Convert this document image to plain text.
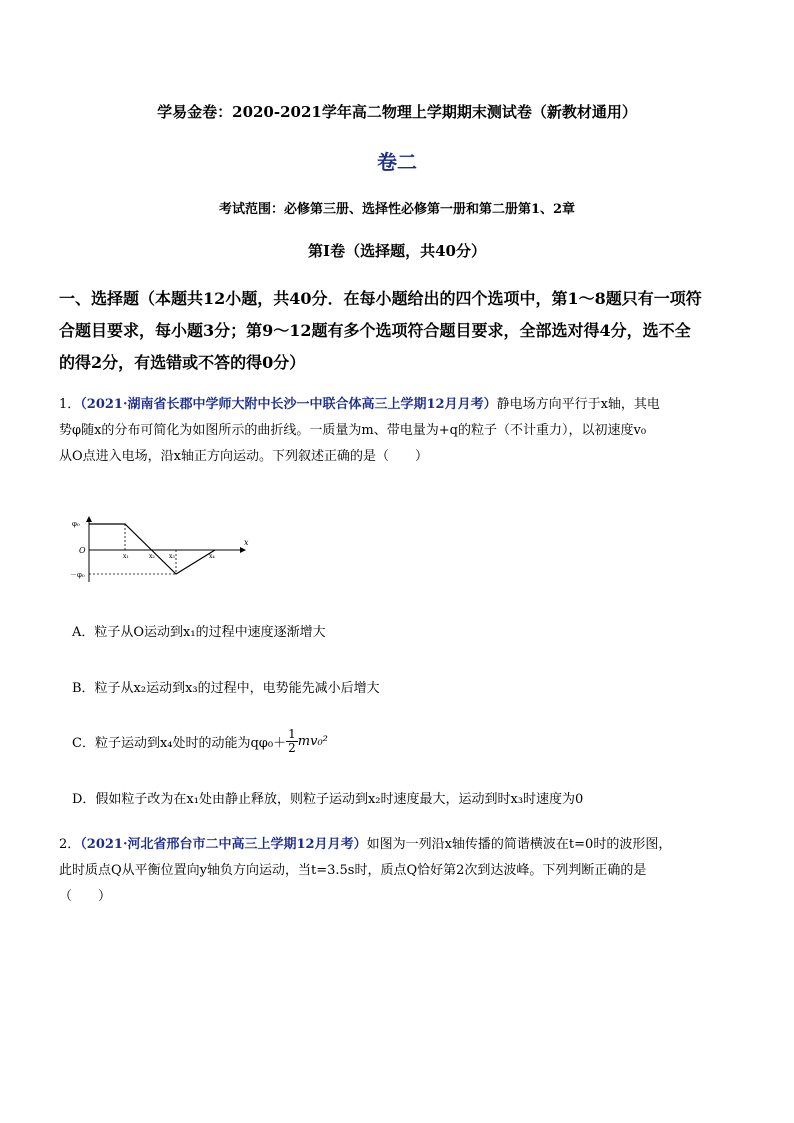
学易金卷：2020-2021学年高二物理上学期期末测试卷（新教材通用）
卷二
考试范围：必修第三册、选择性必修第一册和第二册第1、2章
第Ⅰ卷（选择题，共40分）
一、选择题（本题共12小题，共40分．在每小题给出的四个选项中，第1～8题只有一项符
合题目要求，每小题3分；第9～12题有多个选项符合题目要求，全部选对得4分，选不全
的得2分，有选错或不答的得0分）
1．（2021·湖南省长郡中学师大附中长沙一中联合体高三上学期12月月考）静电场方向平行于x轴，其电
势φ随x的分布可简化为如图所示的曲折线。一质量为m、带电量为+q的粒子（不计重力），以初速度v₀
从O点进入电场，沿x轴正方向运动。下列叙述正确的是（　　）
φ₀
O
－φ₀
x
x₁	x₂ x₃	x₄
A．粒子从O运动到x₁的过程中速度逐渐增大
B．粒子从x₂运动到x₃的过程中，电势能先减小后增大
C．粒子运动到x₄处时的动能为$q\varphi_0+ \frac{1}{2} mv_0^2$
D．假如粒子改为在x₁处由静止释放，则粒子运动到x₂时速度最大，运动到时x₃时速度为0
2．（2021·河北省邢台市二中高三上学期12月月考）如图为一列沿x轴传播的简谐横波在t=0时的波形图，
此时质点Q从平衡位置向y轴负方向运动，当t=3.5s时，质点Q恰好第2次到达波峰。下列判断正确的是
（　　）
